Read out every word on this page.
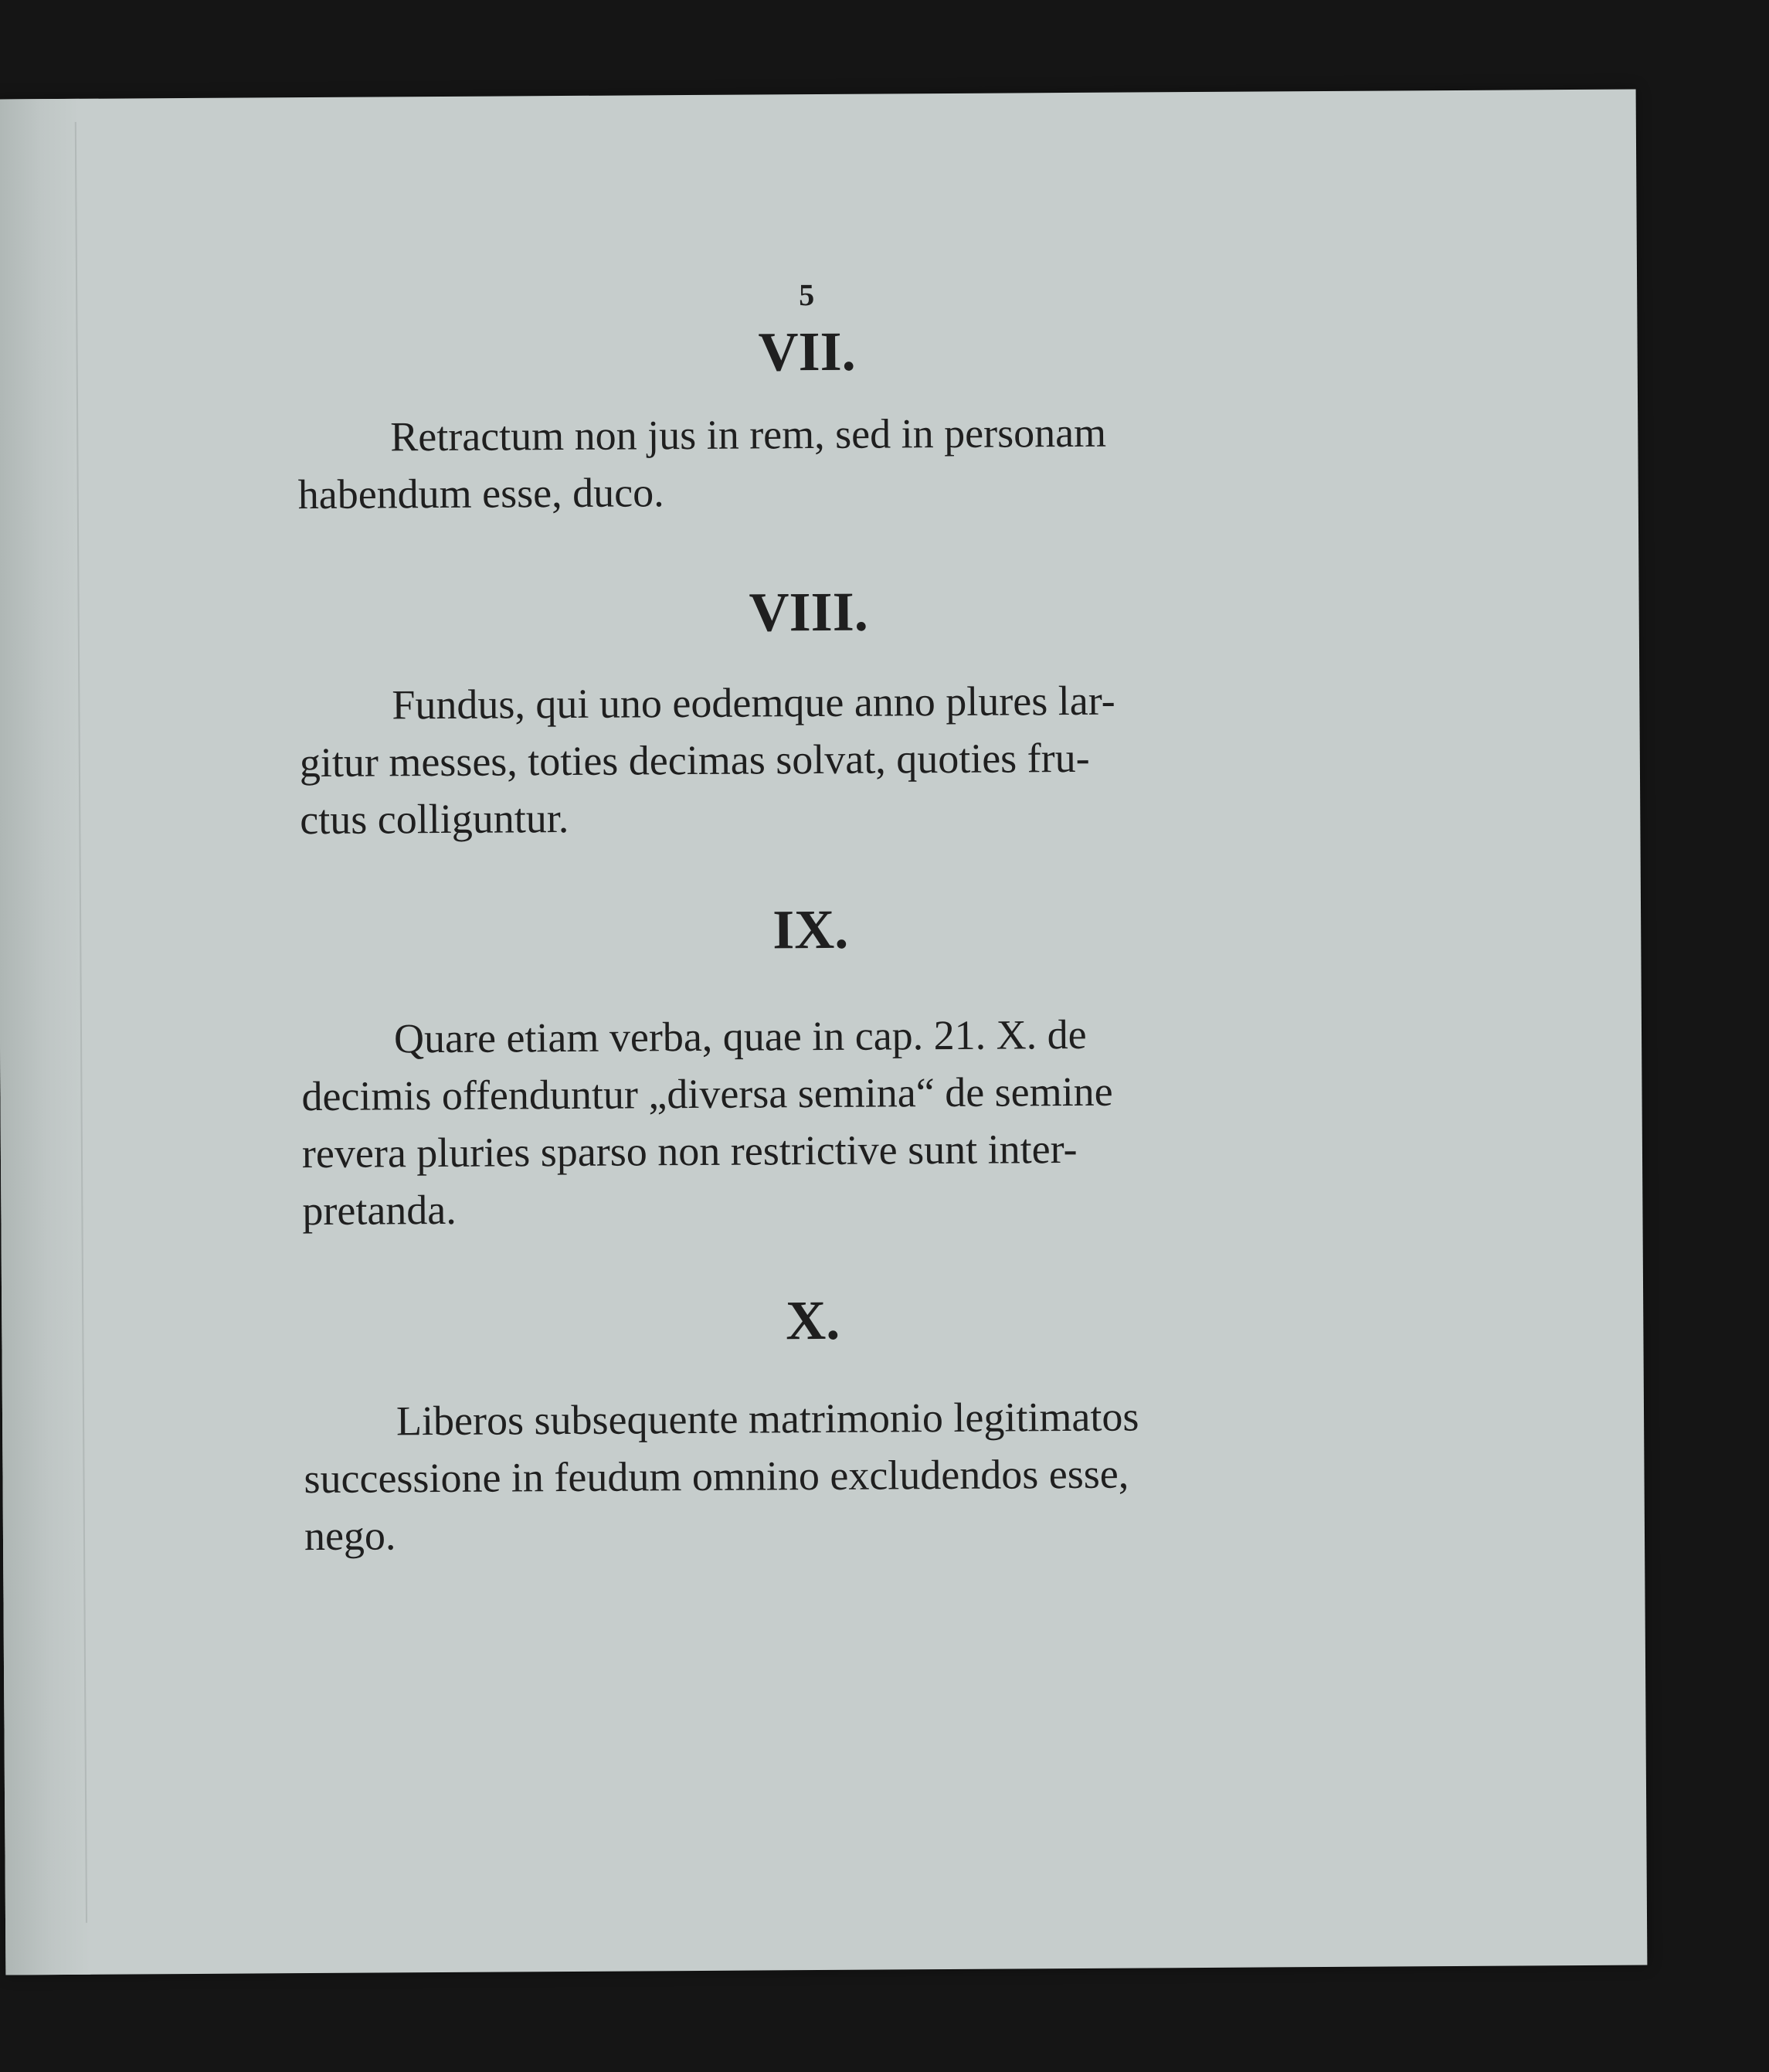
5
VII.
Retractum non jus in rem, sed in personam
habendum esse, duco.
VIII.
Fundus, qui uno eodemque anno plures lar-
gitur messes, toties decimas solvat, quoties fru-
ctus colliguntur.
IX.
Quare etiam verba, quae in cap. 21. X. de
decimis offenduntur „diversa semina“ de semine
revera pluries sparso non restrictive sunt inter-
pretanda.
X.
Liberos subsequente matrimonio legitimatos
successione in feudum omnino excludendos esse,
nego.
